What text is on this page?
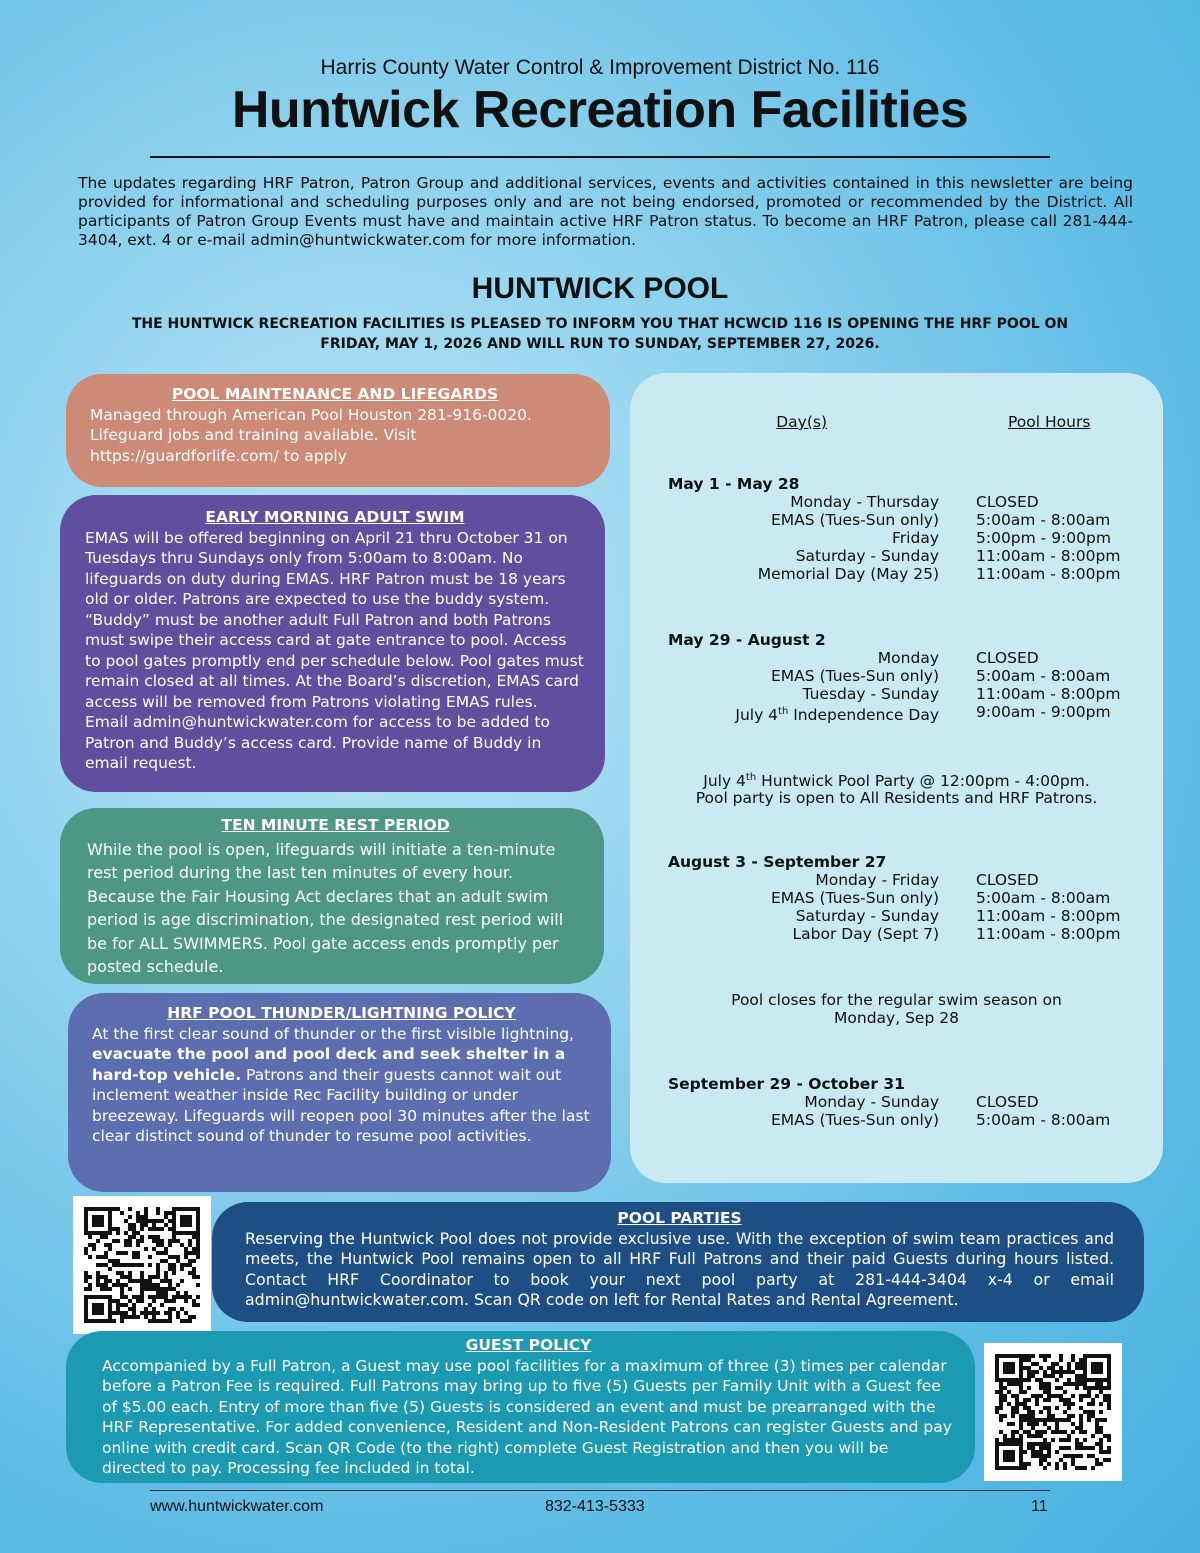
Harris County Water Control & Improvement District No. 116
Huntwick Recreation Facilities
The updates regarding HRF Patron, Patron Group and additional services, events and activities contained in this newsletter are being provided for informational and scheduling purposes only and are not being endorsed, promoted or recommended by the District. All participants of Patron Group Events must have and maintain active HRF Patron status. To become an HRF Patron, please call 281-444-3404, ext. 4 or e-mail admin@huntwickwater.com for more information.
HUNTWICK POOL
THE HUNTWICK RECREATION FACILITIES IS PLEASED TO INFORM YOU THAT HCWCID 116 IS OPENING THE HRF POOL ON FRIDAY, MAY 1, 2026 AND WILL RUN TO SUNDAY, SEPTEMBER 27, 2026.
POOL MAINTENANCE AND LIFEGARDS

Managed through American Pool Houston 281-916-0020. Lifeguard jobs and training available. Visit https://guardforlife.com/ to apply

EARLY MORNING ADULT SWIM

EMAS will be offered beginning on April 21 thru October 31 on Tuesdays thru Sundays only from 5:00am to 8:00am. No lifeguards on duty during EMAS. HRF Patron must be 18 years old or older. Patrons are expected to use the buddy system. “Buddy” must be another adult Full Patron and both Patrons must swipe their access card at gate entrance to pool. Access to pool gates promptly end per schedule below. Pool gates must remain closed at all times. At the Board’s discretion, EMAS card access will be removed from Patrons violating EMAS rules. Email admin@huntwickwater.com for access to be added to Patron and Buddy’s access card. Provide name of Buddy in email request.

TEN MINUTE REST PERIOD

While the pool is open, lifeguards will initiate a ten-minute rest period during the last ten minutes of every hour. Because the Fair Housing Act declares that an adult swim period is age discrimination, the designated rest period will be for ALL SWIMMERS. Pool gate access ends promptly per posted schedule.

HRF POOL THUNDER/LIGHTNING POLICY

At the first clear sound of thunder or the first visible lightning, evacuate the pool and pool deck and seek shelter in a hard-top vehicle. Patrons and their guests cannot wait out inclement weather inside Rec Facility building or under breezeway. Lifeguards will reopen pool 30 minutes after the last clear distinct sound of thunder to resume pool activities.

Day(s)	Pool Hours
May 1 - May 28
Monday - Thursday CLOSED
EMAS (Tues-Sun only) 5:00am - 8:00am
Friday 5:00pm - 9:00pm
Saturday - Sunday 11:00am - 8:00pm
Memorial Day (May 25) 11:00am - 8:00pm
May 29 - August 2
Monday CLOSED
EMAS (Tues-Sun only) 5:00am - 8:00am
Tuesday - Sunday 11:00am - 8:00pm
July 4th Independence Day 9:00am - 9:00pm
July 4th Huntwick Pool Party @ 12:00pm - 4:00pm.
Pool party is open to All Residents and HRF Patrons.
August 3 - September 27
Monday - Friday CLOSED
EMAS (Tues-Sun only) 5:00am - 8:00am
Saturday - Sunday 11:00am - 8:00pm
Labor Day (Sept 7) 11:00am - 8:00pm
Pool closes for the regular swim season on
Monday, Sep 28
September 29 - October 31
Monday - Sunday CLOSED
EMAS (Tues-Sun only) 5:00am - 8:00am
POOL PARTIES

Reserving the Huntwick Pool does not provide exclusive use. With the exception of swim team practices and meets, the Huntwick Pool remains open to all HRF Full Patrons and their paid Guests during hours listed. Contact HRF Coordinator to book your next pool party at 281-444-3404 x-4 or email admin@huntwickwater.com. Scan QR code on left for Rental Rates and Rental Agreement.

GUEST POLICY

Accompanied by a Full Patron, a Guest may use pool facilities for a maximum of three (3) times per calendar before a Patron Fee is required. Full Patrons may bring up to five (5) Guests per Family Unit with a Guest fee of $5.00 each. Entry of more than five (5) Guests is considered an event and must be prearranged with the HRF Representative. For added convenience, Resident and Non-Resident Patrons can register Guests and pay online with credit card. Scan QR Code (to the right) complete Guest Registration and then you will be directed to pay. Processing fee included in total.

www.huntwickwater.com	832-413-5333	11
